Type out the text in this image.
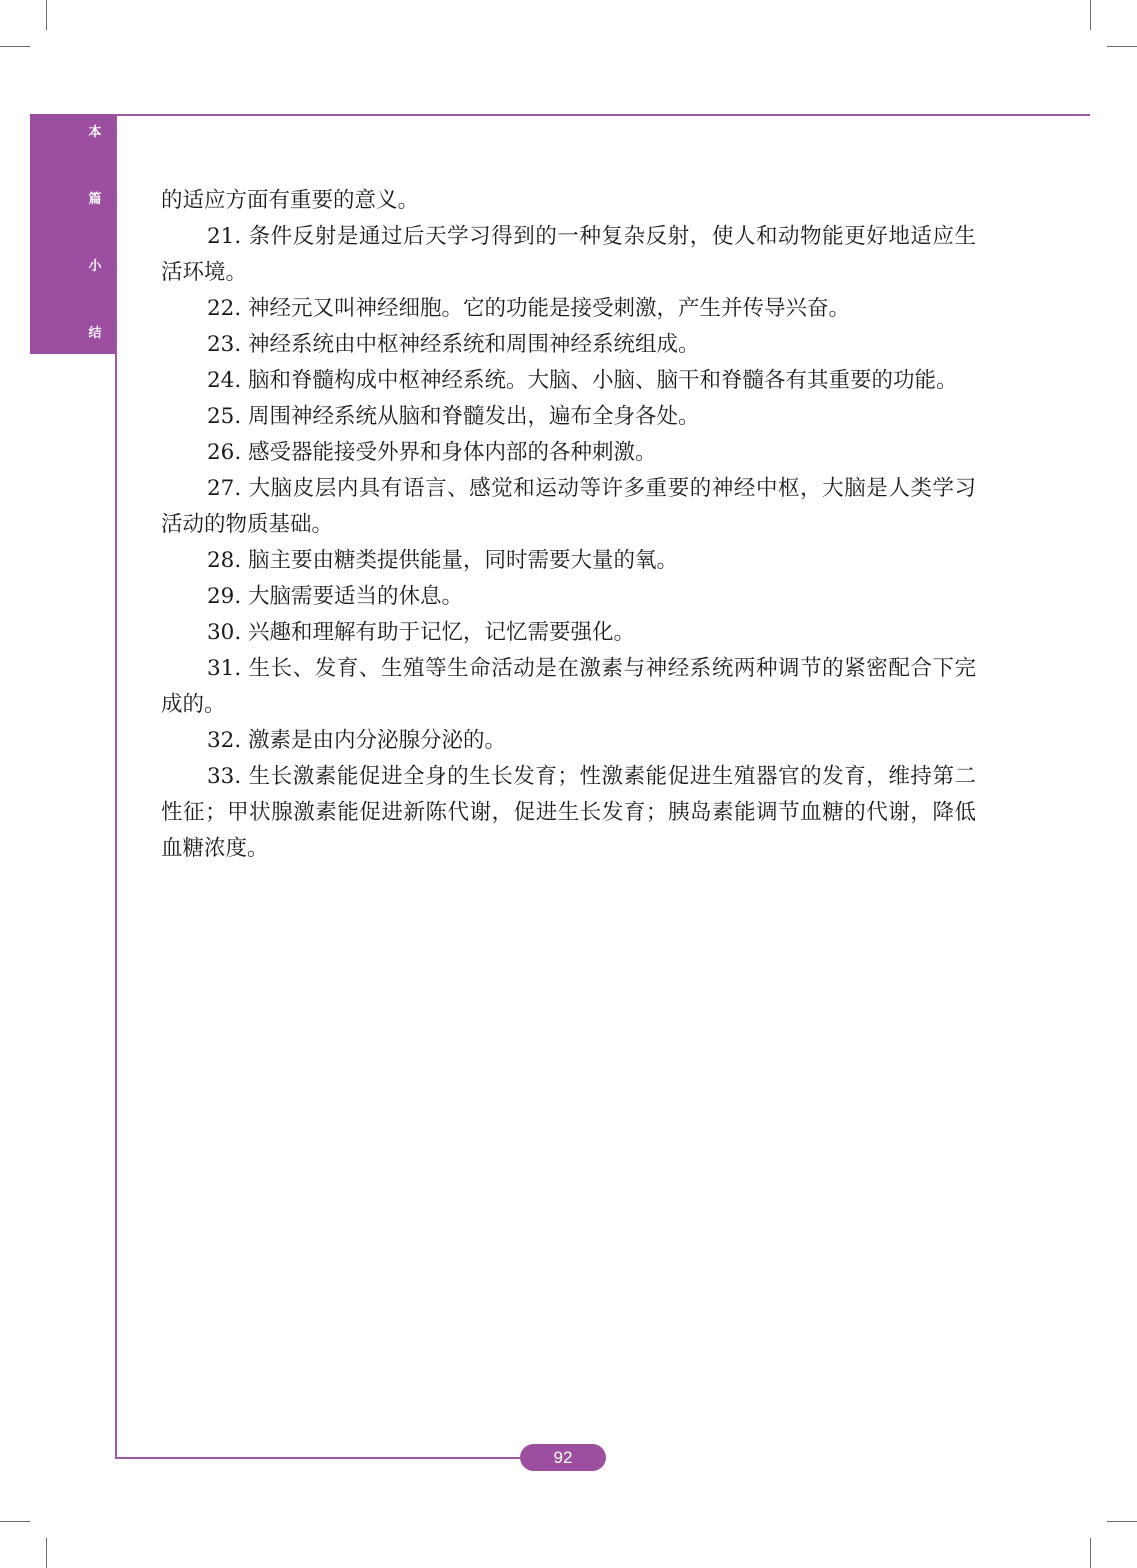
本
篇
小
结

的适应方面有重要的意义。

21. 条件反射是通过后天学习得到的一种复杂反射，使人和动物能更好地适应生活环境。

22. 神经元又叫神经细胞。它的功能是接受刺激，产生并传导兴奋。

23. 神经系统由中枢神经系统和周围神经系统组成。

24. 脑和脊髓构成中枢神经系统。大脑、小脑、脑干和脊髓各有其重要的功能。

25. 周围神经系统从脑和脊髓发出，遍布全身各处。

26. 感受器能接受外界和身体内部的各种刺激。

27. 大脑皮层内具有语言、感觉和运动等许多重要的神经中枢，大脑是人类学习活动的物质基础。

28. 脑主要由糖类提供能量，同时需要大量的氧。

29. 大脑需要适当的休息。

30. 兴趣和理解有助于记忆，记忆需要强化。

31. 生长、发育、生殖等生命活动是在激素与神经系统两种调节的紧密配合下完成的。

32. 激素是由内分泌腺分泌的。

33. 生长激素能促进全身的生长发育；性激素能促进生殖器官的发育，维持第二性征；甲状腺激素能促进新陈代谢，促进生长发育；胰岛素能调节血糖的代谢，降低血糖浓度。

92
